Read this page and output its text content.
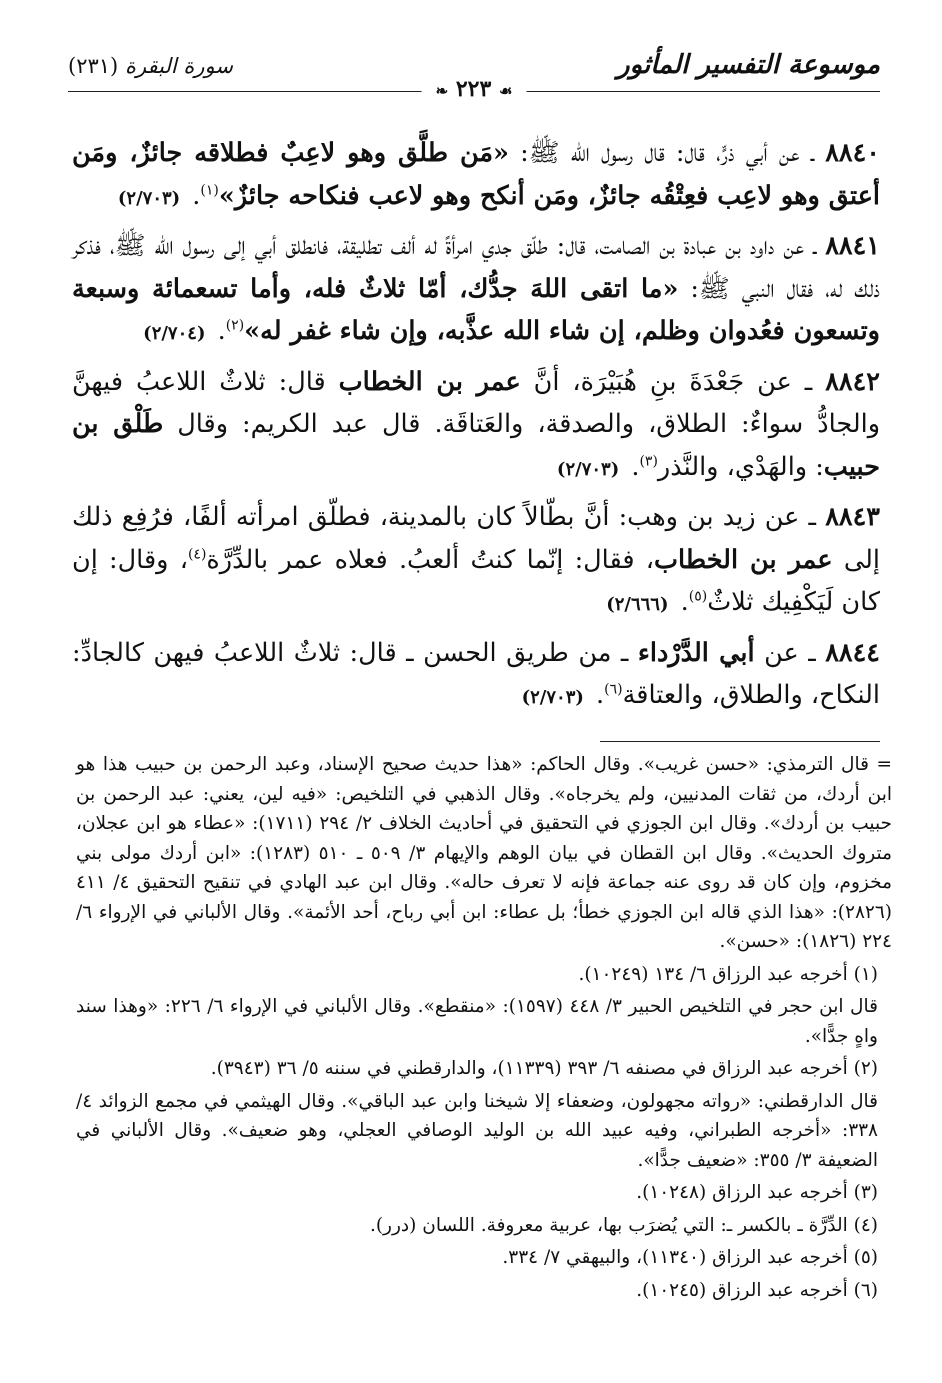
موسوعة التفسير المأثور
سورة البقرة (٢٣١)
☙ ٢٢٣ ❧

٨٨٤٠ ـ عن أبي ذرٍّ، قال: قال رسول الله ﷺ: «مَن طلَّق وهو لاعِبٌ فطلاقه جائزٌ، ومَن أعتق وهو لاعِب فعِتْقُه جائزٌ، ومَن أنكح وهو لاعب فنكاحه جائزٌ»$^{(١)}$. (٢/٧٠٣)

٨٨٤١ ـ عن داود بن عبادة بن الصامت، قال: طلّق جدي امرأةً له ألف تطليقة، فانطلق أبي إلى رسول الله ﷺ، فذكر ذلك له، فقال النبي ﷺ: «ما اتقى اللهَ جدُّك، أمّا ثلاثٌ فله، وأما تسعمائة وسبعة وتسعون فعُدوان وظلم، إن شاء الله عذَّبه، وإن شاء غفر له»$^{(٢)}$. (٢/٧٠٤)

٨٨٤٢ ـ عن جَعْدَةَ بنِ هُبَيْرَة، أنَّ عمر بن الخطاب قال: ثلاثٌ اللاعبُ فيهنَّ والجادُّ سواءٌ: الطلاق، والصدقة، والعَتاقَة. قال عبد الكريم: وقال طَلْق بن حبيب: والهَدْي، والنَّذر$^{(٣)}$. (٢/٧٠٣)

٨٨٤٣ ـ عن زيد بن وهب: أنَّ بطّالاً كان بالمدينة، فطلّق امرأته ألفًا، فرُفِع ذلك إلى عمر بن الخطاب، فقال: إنّما كنتُ ألعبُ. فعلاه عمر بالدِّرَّة$^{(٤)}$، وقال: إن كان لَيَكْفِيك ثلاثٌ$^{(٥)}$. (٢/٦٦٦)

٨٨٤٤ ـ عن أبي الدَّرْداء ـ من طريق الحسن ـ قال: ثلاثٌ اللاعبُ فيهن كالجادِّ: النكاح، والطلاق، والعتاقة$^{(٦)}$. (٢/٧٠٣)

= قال الترمذي: «حسن غريب». وقال الحاكم: «هذا حديث صحيح الإسناد، وعبد الرحمن بن حبيب هذا هو ابن أردك، من ثقات المدنيين، ولم يخرجاه». وقال الذهبي في التلخيص: «فيه لين، يعني: عبد الرحمن بن حبيب بن أردك». وقال ابن الجوزي في التحقيق في أحاديث الخلاف ٢/ ٢٩٤ (١٧١١): «عطاء هو ابن عجلان، متروك الحديث». وقال ابن القطان في بيان الوهم والإيهام ٣/ ٥٠٩ ـ ٥١٠ (١٢٨٣): «ابن أردك مولى بني مخزوم، وإن كان قد روى عنه جماعة فإنه لا تعرف حاله». وقال ابن عبد الهادي في تنقيح التحقيق ٤/ ٤١١ (٢٨٢٦): «هذا الذي قاله ابن الجوزي خطأ؛ بل عطاء: ابن أبي رباح، أحد الأئمة». وقال الألباني في الإرواء ٦/ ٢٢٤ (١٨٢٦): «حسن».

(١) أخرجه عبد الرزاق ٦/ ١٣٤ (١٠٢٤٩).

قال ابن حجر في التلخيص الحبير ٣/ ٤٤٨ (١٥٩٧): «منقطع». وقال الألباني في الإرواء ٦/ ٢٢٦: «وهذا سند واهٍ جدًّا».

(٢) أخرجه عبد الرزاق في مصنفه ٦/ ٣٩٣ (١١٣٣٩)، والدارقطني في سننه ٥/ ٣٦ (٣٩٤٣).

قال الدارقطني: «رواته مجهولون، وضعفاء إلا شيخنا وابن عبد الباقي». وقال الهيثمي في مجمع الزوائد ٤/ ٣٣٨: «أخرجه الطبراني، وفيه عبيد الله بن الوليد الوصافي العجلي، وهو ضعيف». وقال الألباني في الضعيفة ٣/ ٣٥٥: «ضعيف جدًّا».

(٣) أخرجه عبد الرزاق (١٠٢٤٨).

(٤) الدِّرَّة ـ بالكسر ـ: التي يُضرَب بها، عربية معروفة. اللسان (درر).

(٥) أخرجه عبد الرزاق (١١٣٤٠)، والبيهقي ٧/ ٣٣٤.

(٦) أخرجه عبد الرزاق (١٠٢٤٥).
